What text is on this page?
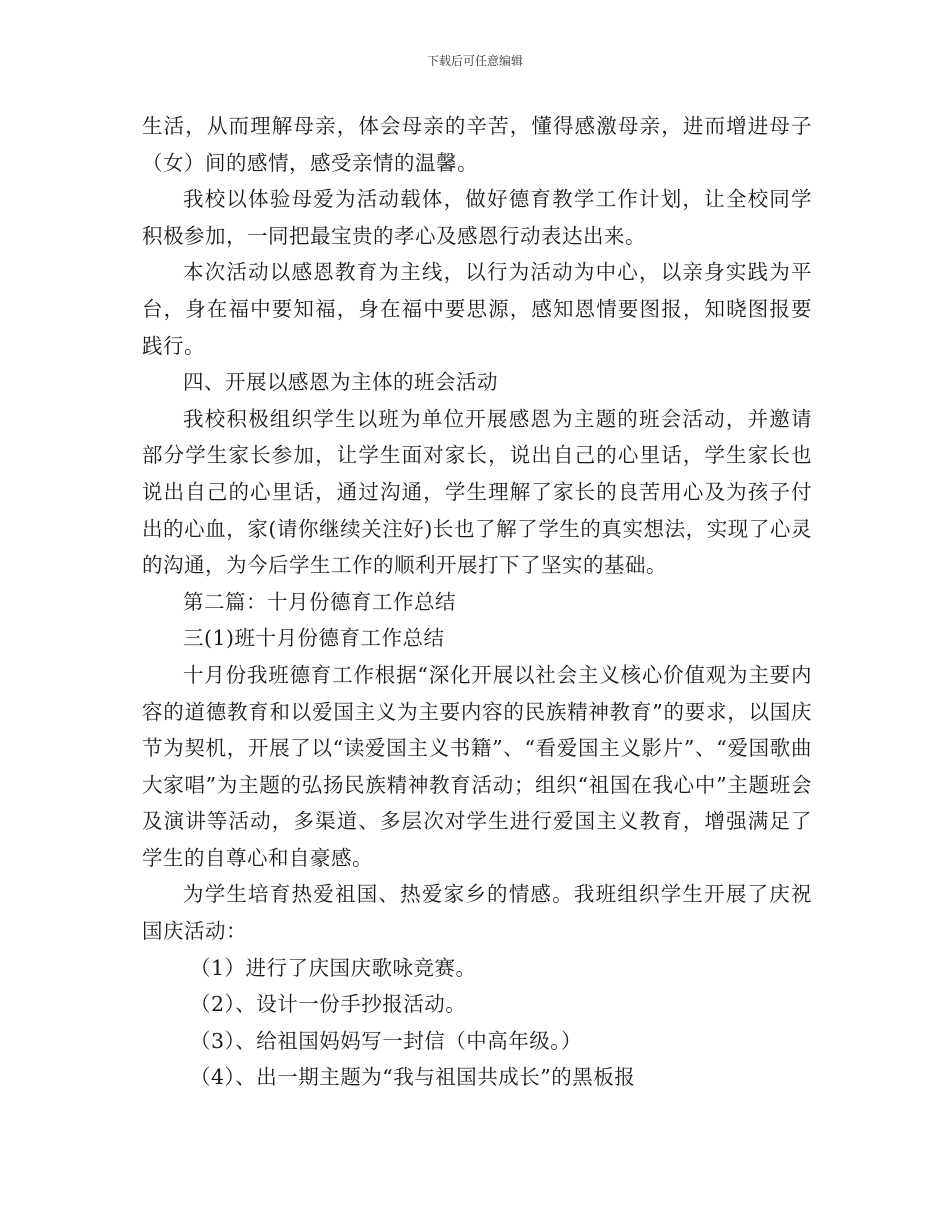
下载后可任意编辑

生活，从而理解母亲，体会母亲的辛苦，懂得感激母亲，进而增进母子（女）间的感情，感受亲情的温馨。

我校以体验母爱为活动载体，做好德育教学工作计划，让全校同学积极参加，一同把最宝贵的孝心及感恩行动表达出来。

本次活动以感恩教育为主线，以行为活动为中心，以亲身实践为平台，身在福中要知福，身在福中要思源，感知恩情要图报，知晓图报要践行。

四、开展以感恩为主体的班会活动

我校积极组织学生以班为单位开展感恩为主题的班会活动，并邀请部分学生家长参加，让学生面对家长，说出自己的心里话，学生家长也说出自己的心里话，通过沟通，学生理解了家长的良苦用心及为孩子付出的心血，家(请你继续关注好)长也了解了学生的真实想法，实现了心灵的沟通，为今后学生工作的顺利开展打下了坚实的基础。

第二篇：十月份德育工作总结

三(1)班十月份德育工作总结

十月份我班德育工作根据“深化开展以社会主义核心价值观为主要内容的道德教育和以爱国主义为主要内容的民族精神教育”的要求，以国庆节为契机，开展了以“读爱国主义书籍”、“看爱国主义影片”、“爱国歌曲大家唱”为主题的弘扬民族精神教育活动；组织“祖国在我心中”主题班会及演讲等活动，多渠道、多层次对学生进行爱国主义教育，增强满足了学生的自尊心和自豪感。

为学生培育热爱祖国、热爱家乡的情感。我班组织学生开展了庆祝国庆活动：

（1）进行了庆国庆歌咏竞赛。

（2）、设计一份手抄报活动。

（3）、给祖国妈妈写一封信（中高年级。）

（4）、出一期主题为“我与祖国共成长”的黑板报
